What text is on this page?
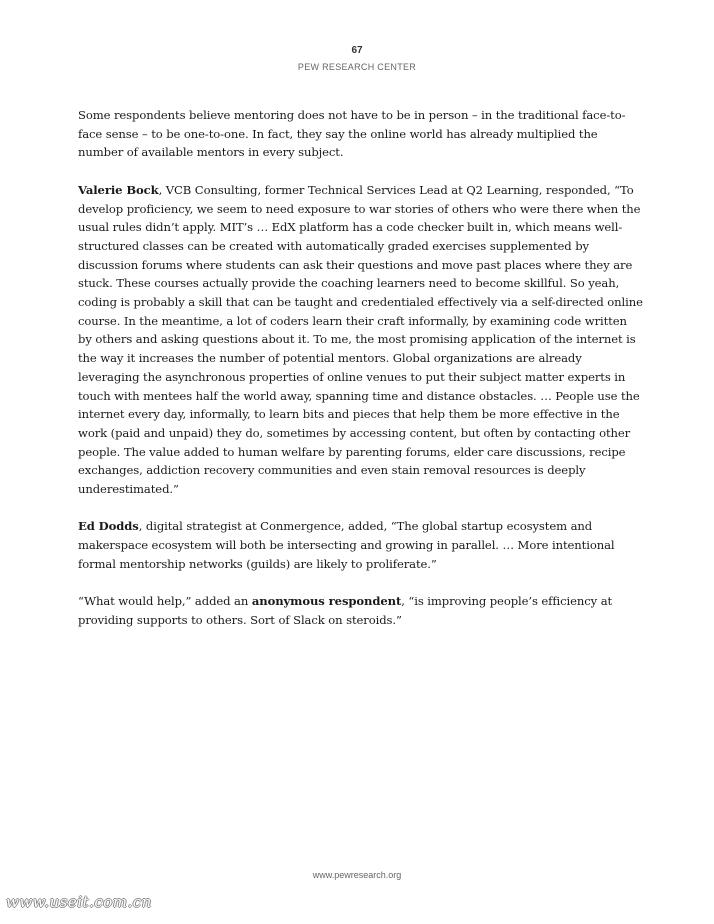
67
PEW RESEARCH CENTER

Some respondents believe mentoring does not have to be in person – in the traditional face-to-face sense – to be one-to-one. In fact, they say the online world has already multiplied the number of available mentors in every subject.

Valerie Bock, VCB Consulting, former Technical Services Lead at Q2 Learning, responded, “To develop proficiency, we seem to need exposure to war stories of others who were there when the usual rules didn’t apply. MIT’s … EdX platform has a code checker built in, which means well-structured classes can be created with automatically graded exercises supplemented by discussion forums where students can ask their questions and move past places where they are stuck. These courses actually provide the coaching learners need to become skillful. So yeah, coding is probably a skill that can be taught and credentialed effectively via a self-directed online course. In the meantime, a lot of coders learn their craft informally, by examining code written by others and asking questions about it. To me, the most promising application of the internet is the way it increases the number of potential mentors. Global organizations are already leveraging the asynchronous properties of online venues to put their subject matter experts in touch with mentees half the world away, spanning time and distance obstacles. … People use the internet every day, informally, to learn bits and pieces that help them be more effective in the work (paid and unpaid) they do, sometimes by accessing content, but often by contacting other people. The value added to human welfare by parenting forums, elder care discussions, recipe exchanges, addiction recovery communities and even stain removal resources is deeply underestimated.”

Ed Dodds, digital strategist at Conmergence, added, “The global startup ecosystem and makerspace ecosystem will both be intersecting and growing in parallel. … More intentional formal mentorship networks (guilds) are likely to proliferate.”

“What would help,” added an anonymous respondent, “is improving people’s efficiency at providing supports to others. Sort of Slack on steroids.”

www.pewresearch.org
www.useit.com.cn
